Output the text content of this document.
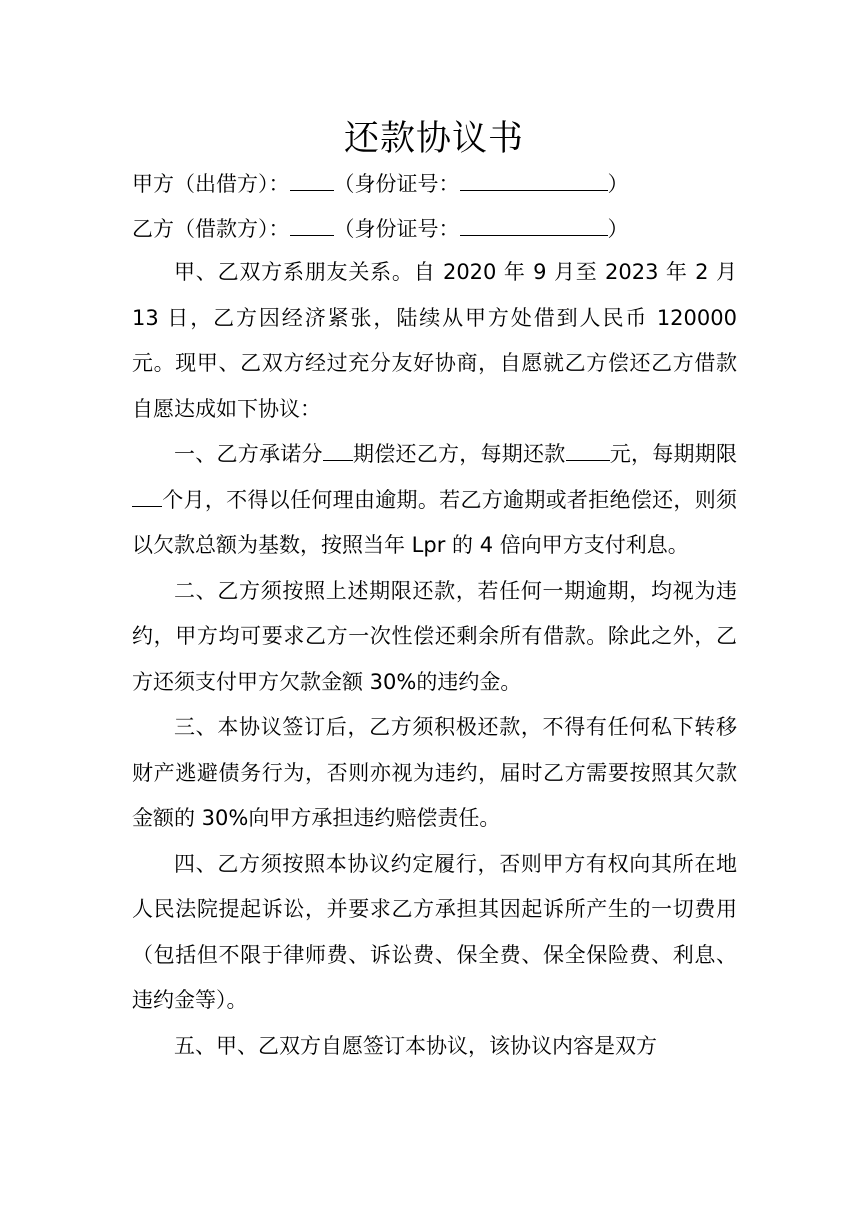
还款协议书
甲方（出借方）： （身份证号：	）
乙方（借款方）： （身份证号：	）

甲、乙双方系朋友关系。自 2020 年 9 月至 2023 年 2 月 13 日，乙方因经济紧张，陆续从甲方处借到人民币 120000 元。现甲、乙双方经过充分友好协商，自愿就乙方偿还乙方借款自愿达成如下协议：

一、乙方承诺分 期偿还乙方，每期还款 元，每期期限个月，不得以任何理由逾期。若乙方逾期或者拒绝偿还，则须以欠款总额为基数，按照当年 Lpr 的 4 倍向甲方支付利息。

二、乙方须按照上述期限还款，若任何一期逾期，均视为违约，甲方均可要求乙方一次性偿还剩余所有借款。除此之外，乙方还须支付甲方欠款金额 30%的违约金。

三、本协议签订后，乙方须积极还款，不得有任何私下转移财产逃避债务行为，否则亦视为违约，届时乙方需要按照其欠款金额的 30%向甲方承担违约赔偿责任。

四、乙方须按照本协议约定履行，否则甲方有权向其所在地人民法院提起诉讼，并要求乙方承担其因起诉所产生的一切费用（包括但不限于律师费、诉讼费、保全费、保全保险费、利息、违约金等）。

五、甲、乙双方自愿签订本协议，该协议内容是双方
